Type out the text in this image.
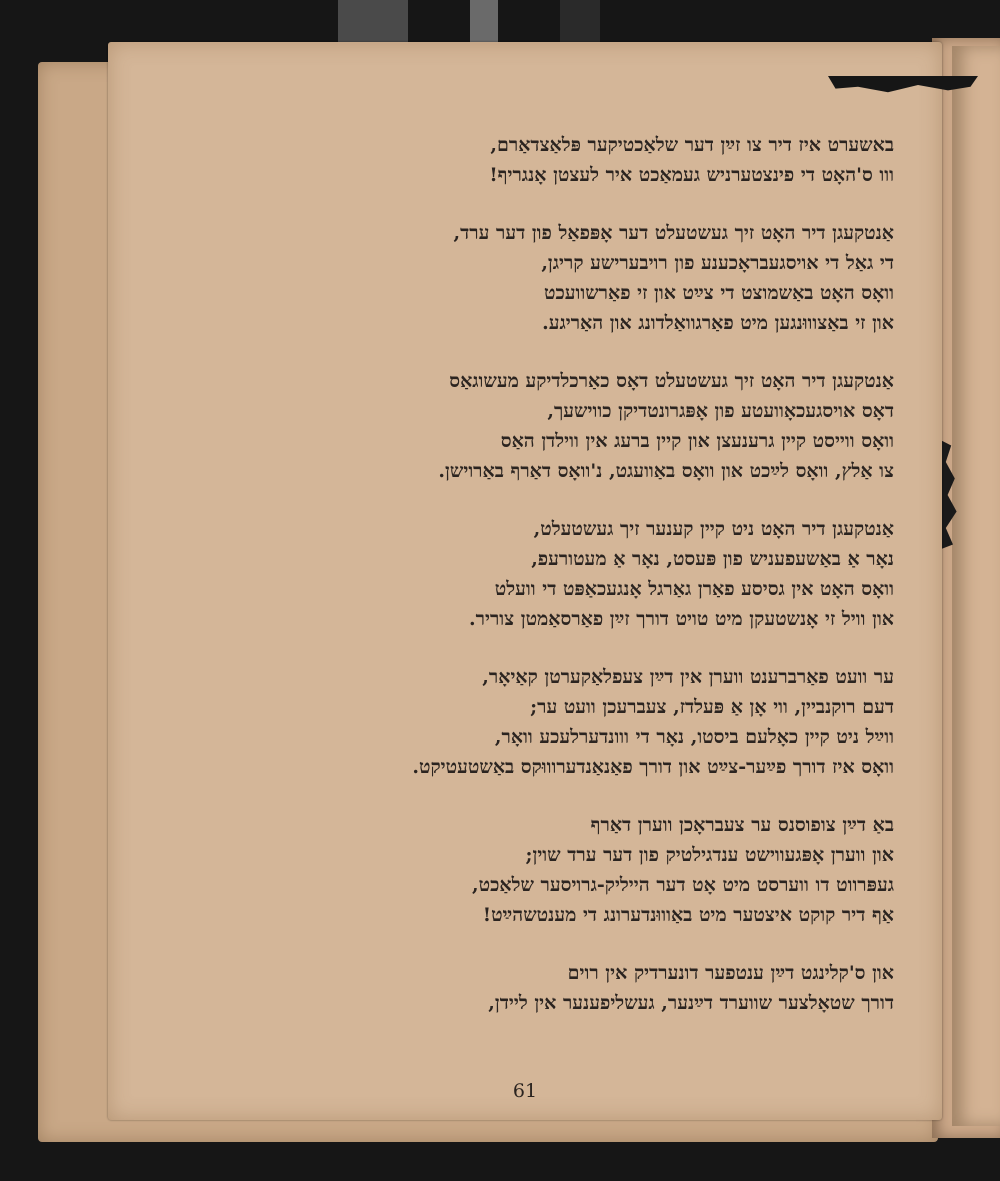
61
באשערט איז דיר צו זײַן דער שלאַכטיקער פּלאַצדאַרם,
ווו ס'האָט די פינצטערניש געמאַכט איר לעצטן אָנגריף!
אַנטקעגן דיר האָט זיך געשטעלט דער אָפּפאַל פון דער ערד,
די גאַל די אויסגעבראָכענע פון רויבערישע קריגן,
וואָס האָט באַשמוצט די צײַט און זי פאַרשוועכט
און זי באַצוווּנגען מיט פאַרגוואַלדונג און האַריגע.
אַנטקעגן דיר האָט זיך געשטעלט דאָס כאַרכלדיקע מעשוגאַס
דאָס אויסגעכאָוועטע פון אָפּגרונטדיקן כווישעך,
וואָס ווייסט קיין גרענעצן און קיין ברעג אין ווילדן האַס
צו אַלץ, וואָס לײַכט און וואָס באַוועגט, נ'וואָס דאַרף באַרוישן.
אַנטקעגן דיר האָט ניט קיין קענער זיך געשטעלט,
נאָר אַ באַשעפעניש פון פּעסט, נאָר אַ מעטורעפ,
וואָס האָט אין גסיסע פאַרן גאַרגל אָנגעכאַפּט די וועלט
און וויל זי אָנשטעקן מיט טויט דורך זײַן פאַרסאַמטן צוריר.
ער וועט פאַרברענט ווערן אין דײַן צעפלאַקערטן קאַיאָר,
דעם רוקנביין, ווי אָן אַ פּעלדז, צעברעכן וועט ער;
ווײַל ניט קיין כאָלעם ביסטו, נאָר די ווונדערלעכע וואָר,
וואָס איז דורך פײַער-צײַט און דורך פאַנאַנדערוווּקס באַשטעטיקט.
באַ דײַן צופוסנס ער צעבראָכן ווערן דאַרף
און ווערן אָפּגעווישט ענדגילטיק פון דער ערד שוין;
געפּרווט דו ווערסט מיט אָט דער הייליק-גרויסער שלאַכט,
אַף דיר קוקט איצטער מיט באַוווּנדערונג די מענטשהײַט!
און ס'קלינגט דײַן ענטפער דונערדיק אין רוים
דורך שטאָלצער שווערד דײַנער, געשליפענער אין ליידן,
